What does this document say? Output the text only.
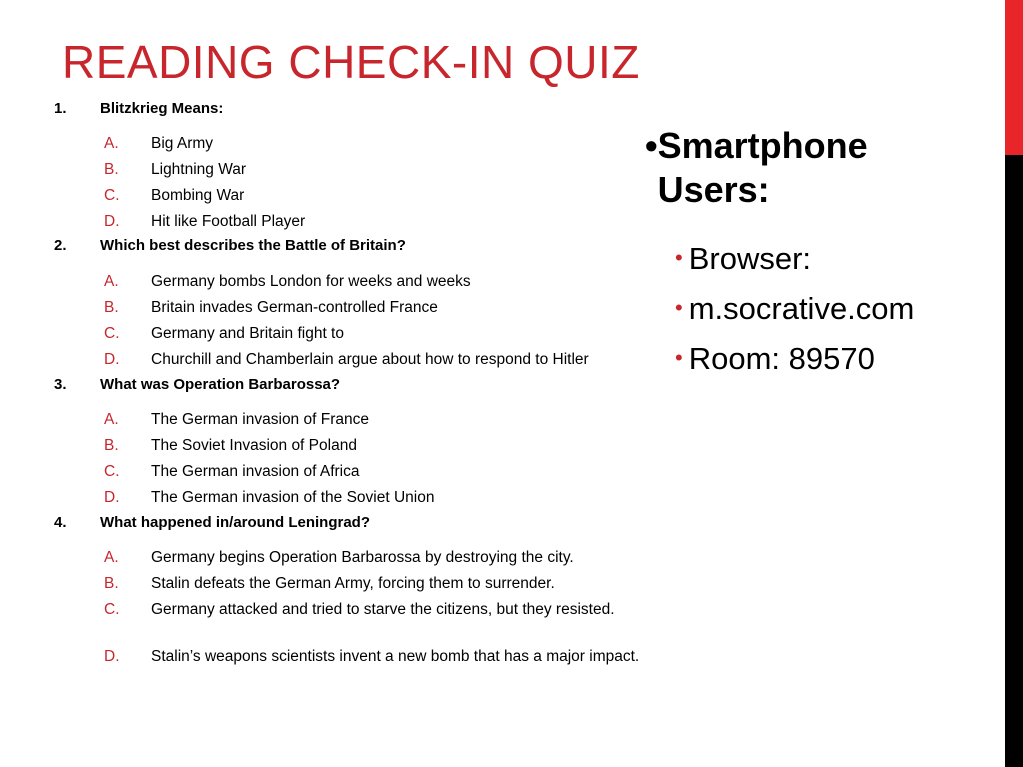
READING CHECK-IN QUIZ
1. Blitzkrieg Means:
A. Big Army
B. Lightning War
C. Bombing War
D. Hit like Football Player
2. Which best describes the Battle of Britain?
A. Germany bombs London for weeks and weeks
B. Britain invades German-controlled France
C. Germany and Britain fight to
D. Churchill and Chamberlain argue about how to respond to Hitler
3. What was Operation Barbarossa?
A. The German invasion of France
B. The Soviet Invasion of Poland
C. The German invasion of Africa
D. The German invasion of the Soviet Union
4. What happened in/around Leningrad?
A. Germany begins Operation Barbarossa by destroying the city.
B. Stalin defeats the German Army, forcing them to surrender.
C. Germany attacked and tried to starve the citizens, but they resisted.
D. Stalin’s weapons scientists invent a new bomb that has a major impact.
•Smartphone Users:
• Browser:
• m.socrative.com
• Room: 89570
